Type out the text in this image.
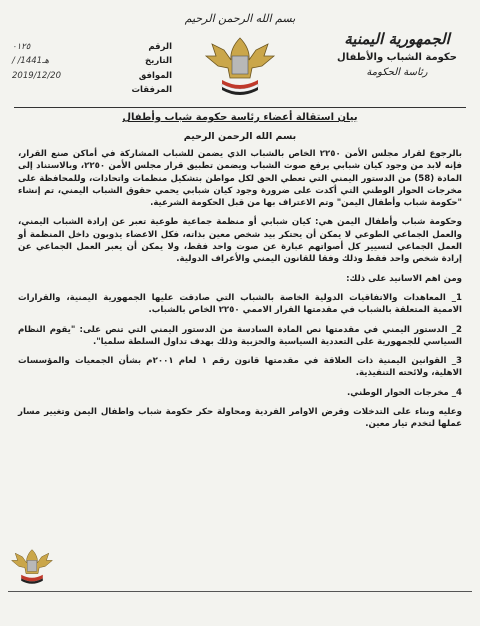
الجمهورية اليمنية
حكومة الشباب والأطفال
رئاسة الحكومة
بسم الله الرحمن الرحيم
الرقم
٠١٢٥
التاريخ
/ /1441هـ
الموافق
2019/12/20
المرفقات
بيان استقالة أعضاء رئاسة حكومة شباب وأطفال
بسم الله الرحمن الرحيم

بالرجوع لقرار مجلس الأمن ٢٢٥٠ الخاص بالشباب الذي يضمن للشباب المشاركة في أماكن صنع القرار، فإنه لابد من وجود كيان شبابي يرفع صوت الشباب ويضمن تطبيق قرار مجلس الأمن ٢٢٥٠، وبالاستناد إلى المادة (58) من الدستور اليمني التي تعطي الحق لكل مواطن بتشكيل منظمات واتحادات، وللمحافظة على مخرجات الحوار الوطني التي أكدت على ضرورة وجود كيان شبابي يحمي حقوق الشباب اليمني، تم إنشاء "حكومة شباب وأطفال اليمن" وتم الاعتراف بها من قبل الحكومة الشرعية.

وحكومة شباب وأطفال اليمن هي: كيان شبابي أو منظمة جماعية طوعية تعبر عن إرادة الشباب اليمني، والعمل الجماعي الطوعي لا يمكن أن يحتكر بيد شخص معين بذاته، فكل الاعضاء يذوبون داخل المنظمة أو العمل الجماعي لتسيير كل أصواتهم عبارة عن صوت واحد فقط، ولا يمكن أن يعبر العمل الجماعي عن إرادة شخص واحد فقط وذلك وفقا للقانون اليمني والأعراف الدولية.

ومن اهم الاسانيد على ذلك:

1_ المعاهدات والاتفاقيات الدولية الخاصة بالشباب التي صادقت عليها الجمهورية اليمنية، والقرارات الاممية المتعلقة بالشباب في مقدمتها القرار الاممي ٢٢٥٠ الخاص بالشباب.

2_ الدستور اليمني في مقدمتها نص المادة السادسة من الدستور اليمني التي تنص على: "يقوم النظام السياسي للجمهورية على التعددية السياسية والحزبية وذلك بهدف تداول السلطة سلميا".

3_ القوانين اليمنية ذات العلاقة في مقدمتها قانون رقم ١ لعام ٢٠٠١م بشأن الجمعيات والمؤسسات الاهلية، ولائحته التنفيذية.

4_ مخرجات الحوار الوطني.

وعليه وبناء على التدخلات وفرض الاوامر الفردية ومحاولة حكر حكومة شباب واطفال اليمن وتغيير مسار عملها لتخدم تيار معين.
